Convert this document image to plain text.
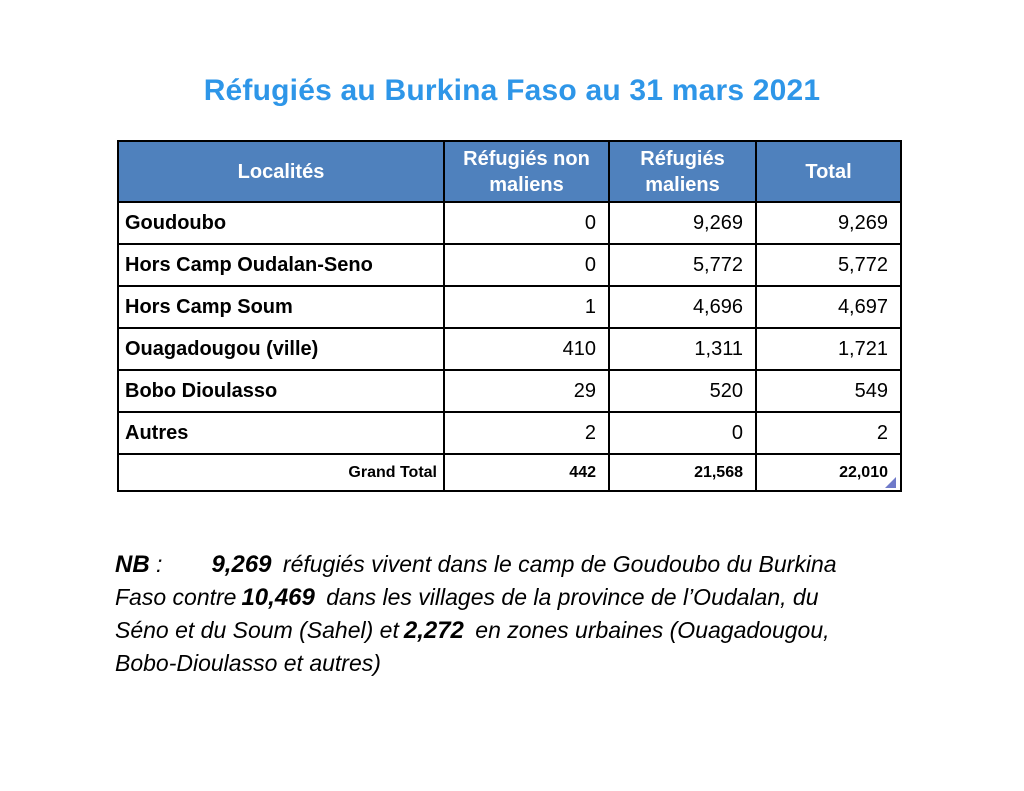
Réfugiés au Burkina Faso au 31 mars 2021
Localités	Réfugiés non maliens	Réfugiés maliens	Total
Goudoubo	0	9,269	9,269
Hors Camp Oudalan-Seno	0	5,772	5,772
Hors Camp Soum	1	4,696	4,697
Ouagadougou (ville)	410	1,311	1,721
Bobo Dioulasso	29	520	549
Autres	2	0	2
Grand Total	442	21,568	22,010
NB : 9,269 réfugiés vivent dans le camp de Goudoubo du Burkina
Faso contre 10,469 dans les villages de la province de l’Oudalan, du
Séno et du Soum (Sahel) et 2,272 en zones urbaines (Ouagadougou,
Bobo-Dioulasso et autres)
